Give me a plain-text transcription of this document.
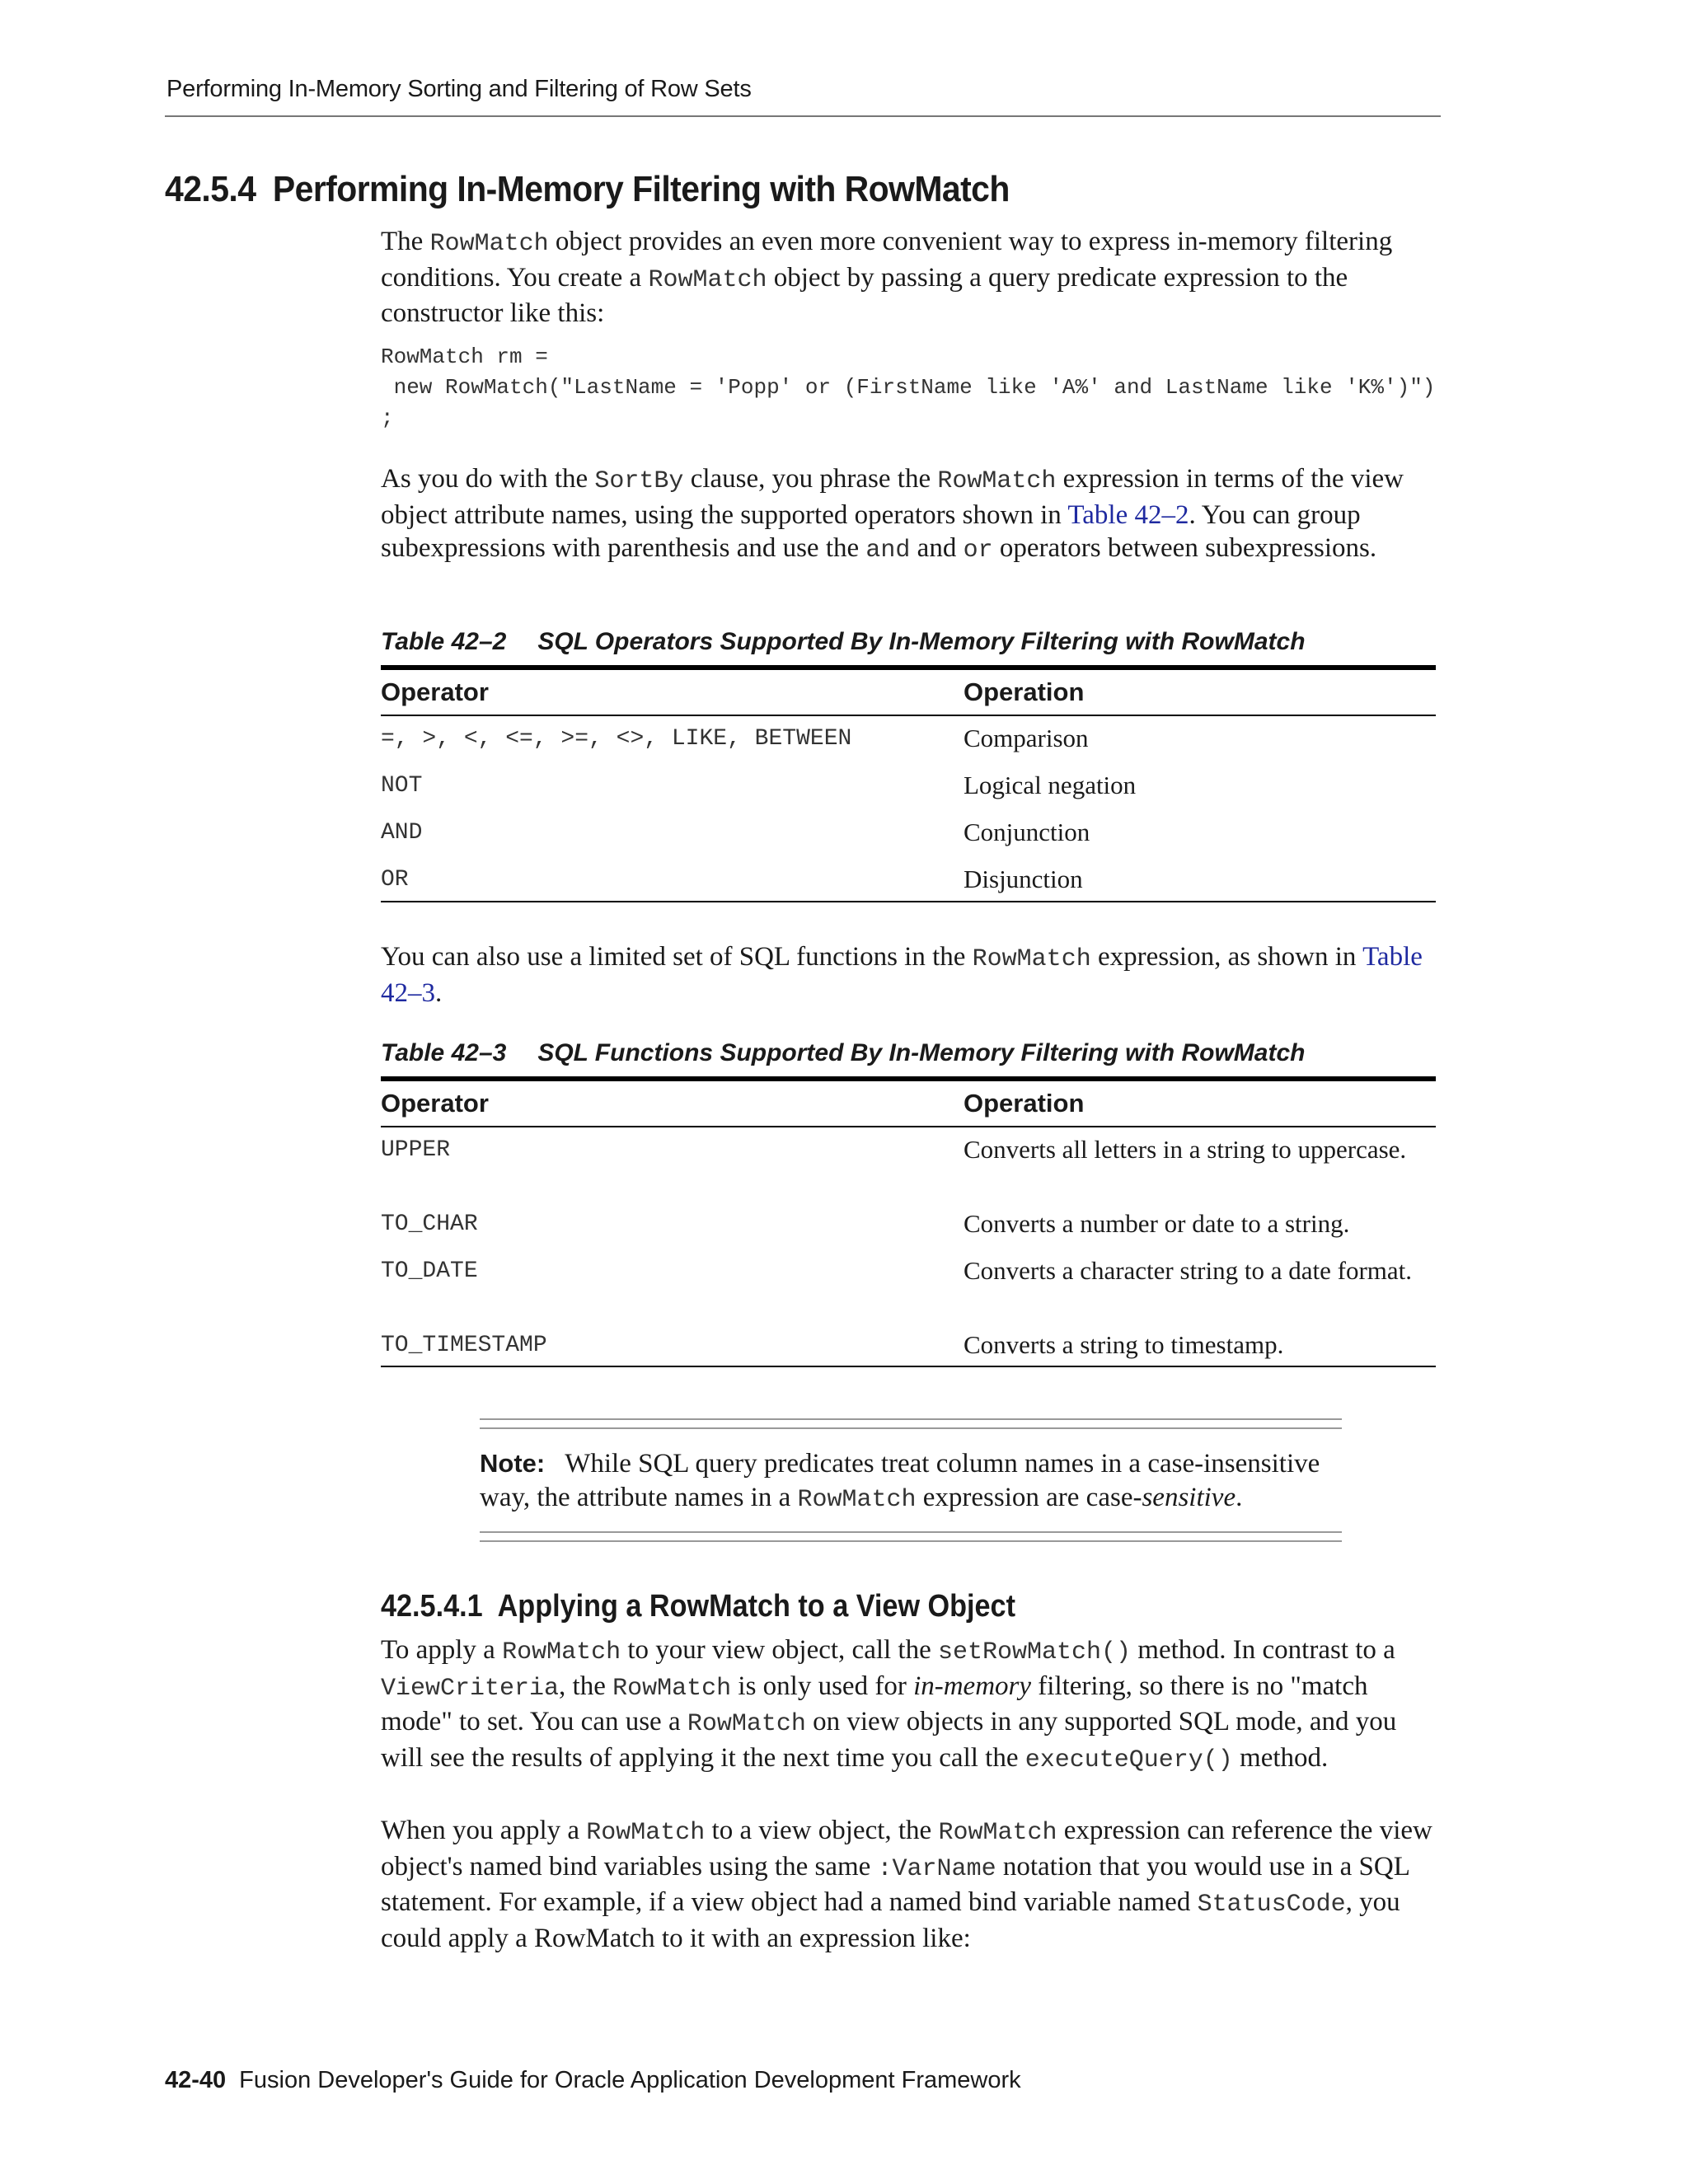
Performing In-Memory Sorting and Filtering of Row Sets
42.5.4 Performing In-Memory Filtering with RowMatch
The RowMatch object provides an even more convenient way to express in-memory filtering conditions. You create a RowMatch object by passing a query predicate expression to the constructor like this:
RowMatch rm =
new RowMatch("LastName = 'Popp' or (FirstName like 'A%' and LastName like 'K%')")
;
As you do with the SortBy clause, you phrase the RowMatch expression in terms of the view object attribute names, using the supported operators shown in Table 42–2. You can group subexpressions with parenthesis and use the and and or operators between subexpressions.
Table 42–2 SQL Operators Supported By In-Memory Filtering with RowMatch
Operator	Operation
=, >, <, <=, >=, <>, LIKE, BETWEEN	Comparison
NOT	Logical negation
AND	Conjunction
OR	Disjunction
You can also use a limited set of SQL functions in the RowMatch expression, as shown in Table 42–3.
Table 42–3 SQL Functions Supported By In-Memory Filtering with RowMatch
Operator	Operation
UPPER	Converts all letters in a string to uppercase.
TO_CHAR	Converts a number or date to a string.
TO_DATE	Converts a character string to a date format.
TO_TIMESTAMP	Converts a string to timestamp.
Note: While SQL query predicates treat column names in a case-insensitive way, the attribute names in a RowMatch expression are case-sensitive.
42.5.4.1 Applying a RowMatch to a View Object
To apply a RowMatch to your view object, call the setRowMatch() method. In contrast to a ViewCriteria, the RowMatch is only used for in-memory filtering, so there is no "match mode" to set. You can use a RowMatch on view objects in any supported SQL mode, and you will see the results of applying it the next time you call the executeQuery() method.
When you apply a RowMatch to a view object, the RowMatch expression can reference the view object's named bind variables using the same :VarName notation that you would use in a SQL statement. For example, if a view object had a named bind variable named StatusCode, you could apply a RowMatch to it with an expression like:
42-40 Fusion Developer's Guide for Oracle Application Development Framework
